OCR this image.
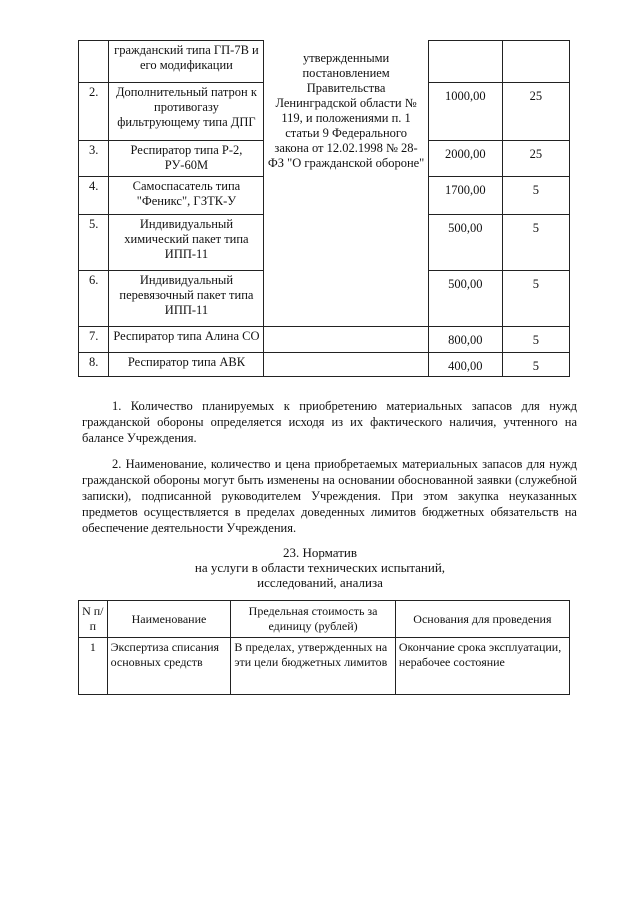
	гражданский типа ГП-7В и его модификации	утвержденными постановлением Правительства Ленинградской области № 119, и положениями п. 1 статьи 9 Федерального закона от 12.02.1998 № 28-ФЗ "О гражданской обороне"		
2.	Дополнительный патрон к противогазу фильтрующему типа ДПГ		1000,00	25
3.	Респиратор типа Р-2, РУ-60М		2000,00	25
4.	Самоспасатель типа "Феникс", ГЗТК-У		1700,00	5
5.	Индивидуальный химический пакет типа ИПП-11		500,00	5
6.	Индивидуальный перевязочный пакет типа ИПП-11		500,00	5
7.	Респиратор типа Алина СО		800,00	5
8.	Респиратор типа АВК		400,00	5

1. Количество планируемых к приобретению материальных запасов для нужд гражданской обороны определяется исходя из их фактического наличия, учтенного на балансе Учреждения.

2. Наименование, количество и цена приобретаемых материальных запасов для нужд гражданской обороны могут быть изменены на основании обоснованной заявки (служебной записки), подписанной руководителем Учреждения. При этом закупка неуказанных предметов осуществляется в пределах доведенных лимитов бюджетных обязательств на обеспечение деятельности Учреждения.

23. Норматив
на услуги в области технических испытаний,
исследований, анализа
N п/п	Наименование	Предельная стоимость за единицу (рублей)	Основания для проведения
1	Экспертиза списания основных средств	В пределах, утвержденных на эти цели бюджетных лимитов	Окончание срока эксплуатации, нерабочее состояние
